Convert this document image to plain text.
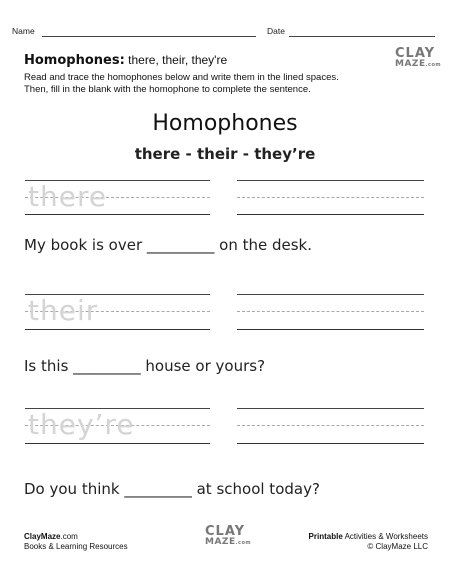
Name	Date
Homophones: there, their, they're	CLAY
MAZE.com
Read and trace the homophones below and write them in the lined spaces.
Then, fill in the blank with the homophone to complete the sentence.
Homophones
there - their - they’re
there
My book is over _________ on the desk.
their
Is this _________ house or yours?
they’re
Do you think _________ at school today?
ClayMaze.com
Books & Learning Resources
CLAY
MAZE.com
Printable Activities & Worksheets
© ClayMaze LLC
